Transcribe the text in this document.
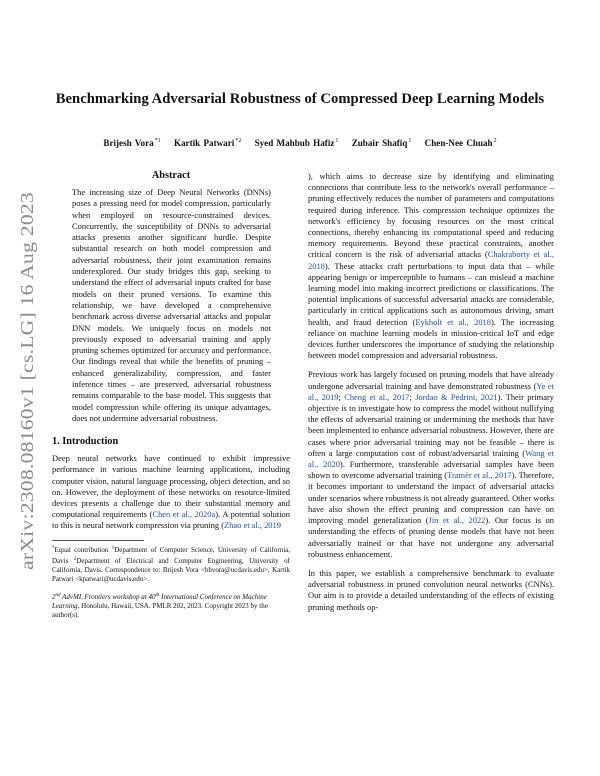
arXiv:2308.08160v1 [cs.LG] 16 Aug 2023
Benchmarking Adversarial Robustness of Compressed Deep Learning Models
Brijesh Vora$^{*1}$ Kartik Patwari$^{*2}$ Syed Mahbub Hafiz$^1$ Zubair Shafiq$^1$ Chen-Nee Chuah$^2$
Abstract

The increasing size of Deep Neural Networks (DNNs) poses a pressing need for model compression, particularly when employed on resource-constrained devices. Concurrently, the susceptibility of DNNs to adversarial attacks presents another significant hurdle. Despite substantial research on both model compression and adversarial robustness, their joint examination remains underexplored. Our study bridges this gap, seeking to understand the effect of adversarial inputs crafted for base models on their pruned versions. To examine this relationship, we have developed a comprehensive benchmark across diverse adversarial attacks and popular DNN models. We uniquely focus on models not previously exposed to adversarial training and apply pruning schemes optimized for accuracy and performance. Our findings reveal that while the benefits of pruning – enhanced generalizability, compression, and faster inference times – are preserved, adversarial robustness remains comparable to the base model. This suggests that model compression while offering its unique advantages, does not undermine adversarial robustness.

1. Introduction

Deep neural networks have continued to exhibit impressive performance in various machine learning applications, including computer vision, natural language processing, object detection, and so on. However, the deployment of these networks on resource-limited devices presents a challenge due to their substantial memory and computational requirements (Chen et al., 2020a). A potential solution to this is neural network compression via pruning (Zhao et al., 2019

*Equal contribution $^1$Department of Computer Science, University of California, Davis $^2$Department of Electrical and Computer Engineering, University of California, Davis. Correspondence to: Brijesh Vora <bhvora@ucdavis.edu>, Kartik Patwari <kpatwari@ucdavis.edu>.

2nd AdvML Frontiers workshop at 40th International Conference on Machine Learning, Honolulu, Hawaii, USA. PMLR 202, 2023. Copyright 2023 by the author(s).

), which aims to decrease size by identifying and eliminating connections that contribute less to the network's overall performance – pruning effectively reduces the number of parameters and computations required during inference. This compression technique optimizes the network's efficiency by focusing resources on the most critical connections, thereby enhancing its computational speed and reducing memory requirements. Beyond these practical constraints, another critical concern is the risk of adversarial attacks (Chakraborty et al., 2018). These attacks craft perturbations to input data that – while appearing benign or imperceptible to humans – can mislead a machine learning model into making incorrect predictions or classifications. The potential implications of successful adversarial attacks are considerable, particularly in critical applications such as autonomous driving, smart health, and fraud detection (Eykholt et al., 2018). The increasing reliance on machine learning models in mission-critical IoT and edge devices further underscores the importance of studying the relationship between model compression and adversarial robustness.

Previous work has largely focused on pruning models that have already undergone adversarial training and have demonstrated robustness (Ye et al., 2019; Cheng et al., 2017; Jordao & Pedrini, 2021). Their primary objective is to investigate how to compress the model without nullifying the effects of adversarial training or undermining the methods that have been implemented to enhance adversarial robustness. However, there are cases where prior adversarial training may not be feasible – there is often a large computation cost of robust/adversarial training (Wang et al., 2020). Furthermore, transferable adversarial samples have been shown to overcome adversarial training (Tramèr et al., 2017). Therefore, it becomes important to understand the impact of adversarial attacks under scenarios where robustness is not already guaranteed. Other works have also shown the effect pruning and compression can have on improving model generalization (Jin et al., 2022). Our focus is on understanding the effects of pruning dense models that have not been adversarially trained or that have not undergone any adversarial robustness enhancement.

In this paper, we establish a comprehensive benchmark to evaluate adversarial robustness in pruned convolution neural networks (CNNs). Our aim is to provide a detailed understanding of the effects of existing pruning methods op-
